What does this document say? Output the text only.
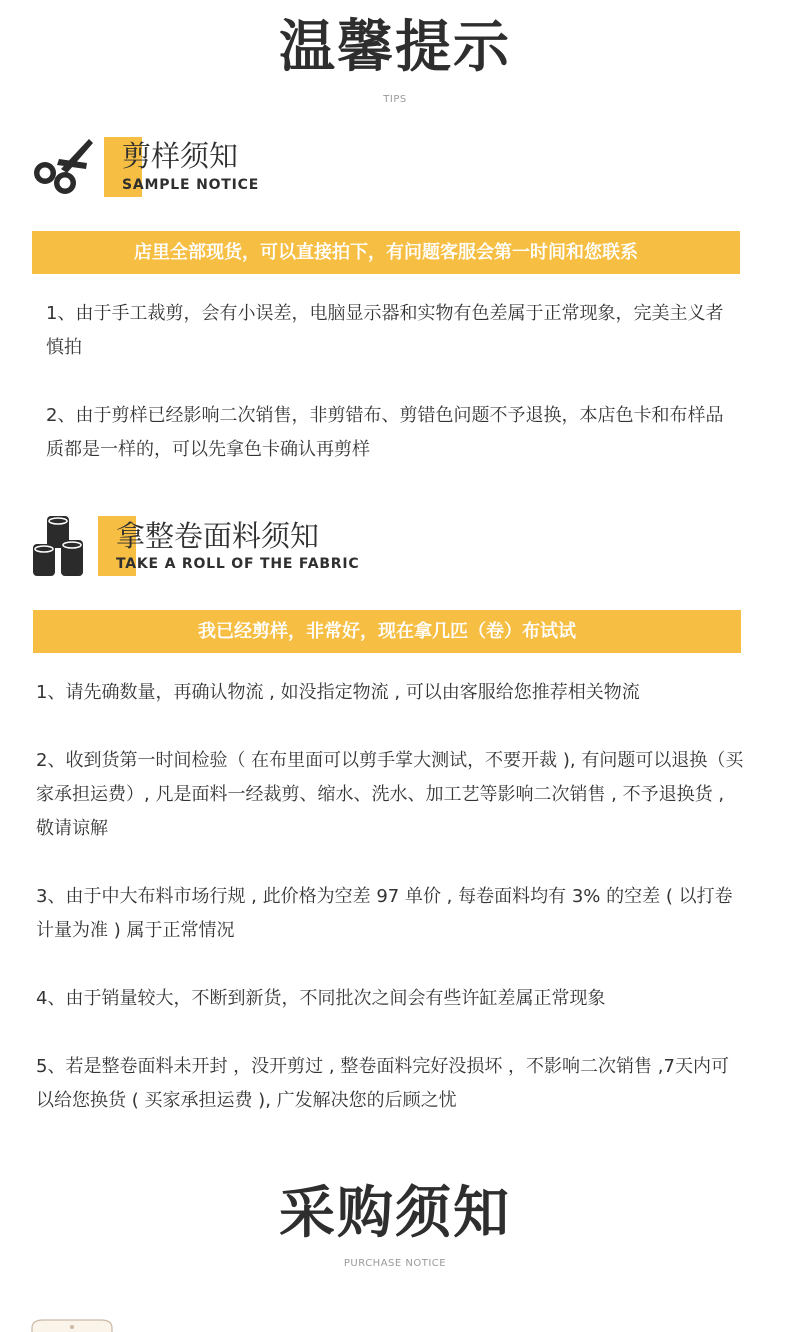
温馨提示
TIPS
剪样须知
SAMPLE NOTICE
店里全部现货，可以直接拍下，有问题客服会第一时间和您联系

1、由于手工裁剪，会有小误差，电脑显示器和实物有色差属于正常现象，完美主义者慎拍

2、由于剪样已经影响二次销售，非剪错布、剪错色问题不予退换，本店色卡和布样品质都是一样的，可以先拿色卡确认再剪样

拿整卷面料须知
TAKE A ROLL OF THE FABRIC
我已经剪样，非常好，现在拿几匹（卷）布试试

1、请先确数量，再确认物流 , 如没指定物流 , 可以由客服给您推荐相关物流

2、收到货第一时间检验（ 在布里面可以剪手掌大测试，不要开裁 ), 有问题可以退换（买家承担运费）, 凡是面料一经裁剪、缩水、洗水、加工艺等影响二次销售 , 不予退换货 , 敬请谅解

3、由于中大布料市场行规 , 此价格为空差 97 单价 , 每卷面料均有 3% 的空差 ( 以打卷计量为准 ) 属于正常情况

4、由于销量较大，不断到新货，不同批次之间会有些许缸差属正常现象

5、若是整卷面料未开封 ，没开剪过 , 整卷面料完好没损坏 ，不影响二次销售 ,7天内可以给您换货 ( 买家承担运费 ), 广发解决您的后顾之忧

采购须知
PURCHASE NOTICE
